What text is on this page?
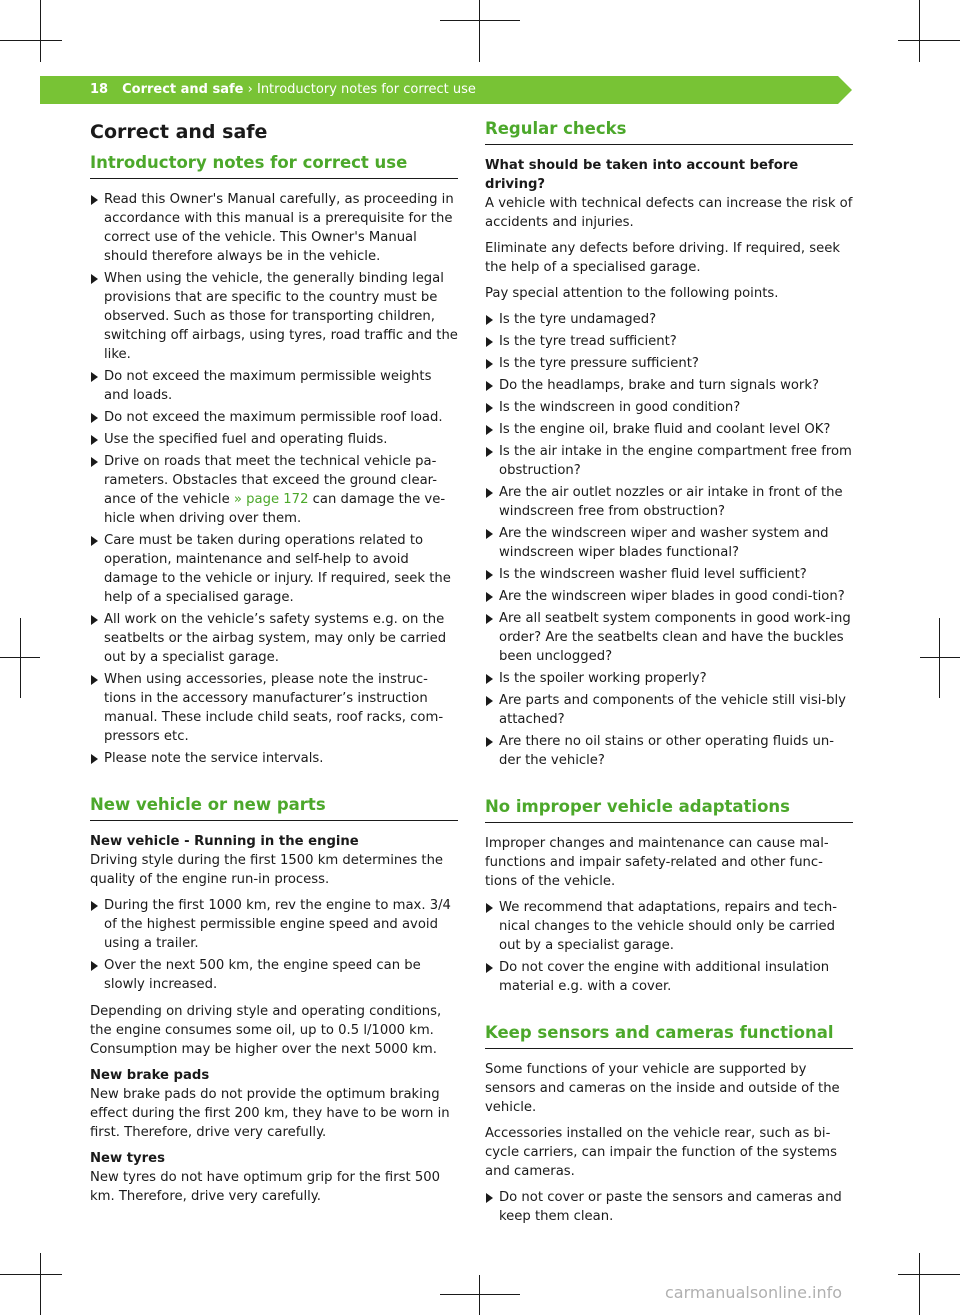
18 Correct and safe › Introductory notes for correct use
Correct and safe
Introductory notes for correct use
Read this Owner's Manual carefully, as proceeding in accordance with this manual is a prerequisite for the correct use of the vehicle. This Owner's Manual should therefore always be in the vehicle.
When using the vehicle, the generally binding legal provisions that are specific to the country must be observed. Such as those for transporting children, switching off airbags, using tyres, road traffic and the like.
Do not exceed the maximum permissible weights and loads.
Do not exceed the maximum permissible roof load.
Use the specified fuel and operating fluids.
Drive on roads that meet the technical vehicle pa-rameters. Obstacles that exceed the ground clear-ance of the vehicle » page 172 can damage the ve-hicle when driving over them.
Care must be taken during operations related to operation, maintenance and self-help to avoid damage to the vehicle or injury. If required, seek the help of a specialised garage.
All work on the vehicle’s safety systems e.g. on the seatbelts or the airbag system, may only be carried out by a specialist garage.
When using accessories, please note the instruc-tions in the accessory manufacturer’s instruction manual. These include child seats, roof racks, com-pressors etc.
Please note the service intervals.
New vehicle or new parts

New vehicle - Running in the engine
Driving style during the first 1500 km determines the quality of the engine run-in process.

During the first 1000 km, rev the engine to max. 3/4 of the highest permissible engine speed and avoid using a trailer.
Over the next 500 km, the engine speed can be slowly increased.

Depending on driving style and operating conditions, the engine consumes some oil, up to 0.5 l/1000 km. Consumption may be higher over the next 5000 km.

New brake pads
New brake pads do not provide the optimum braking effect during the first 200 km, they have to be worn in first. Therefore, drive very carefully.

New tyres
New tyres do not have optimum grip for the first 500 km. Therefore, drive very carefully.

Regular checks

What should be taken into account before driving?
A vehicle with technical defects can increase the risk of accidents and injuries.

Eliminate any defects before driving. If required, seek the help of a specialised garage.

Pay special attention to the following points.

Is the tyre undamaged?
Is the tyre tread sufficient?
Is the tyre pressure sufficient?
Do the headlamps, brake and turn signals work?
Is the windscreen in good condition?
Is the engine oil, brake fluid and coolant level OK?
Is the air intake in the engine compartment free from obstruction?
Are the air outlet nozzles or air intake in front of the windscreen free from obstruction?
Are the windscreen wiper and washer system and windscreen wiper blades functional?
Is the windscreen washer fluid level sufficient?
Are the windscreen wiper blades in good condi-tion?
Are all seatbelt system components in good work-ing order? Are the seatbelts clean and have the buckles been unclogged?
Is the spoiler working properly?
Are parts and components of the vehicle still visi-bly attached?
Are there no oil stains or other operating fluids un-der the vehicle?
No improper vehicle adaptations

Improper changes and maintenance can cause mal-functions and impair safety-related and other func-tions of the vehicle.

We recommend that adaptations, repairs and tech-nical changes to the vehicle should only be carried out by a specialist garage.
Do not cover the engine with additional insulation material e.g. with a cover.
Keep sensors and cameras functional

Some functions of your vehicle are supported by sensors and cameras on the inside and outside of the vehicle.

Accessories installed on the vehicle rear, such as bi-cycle carriers, can impair the function of the systems and cameras.

Do not cover or paste the sensors and cameras and keep them clean.
carmanualsonline.info
